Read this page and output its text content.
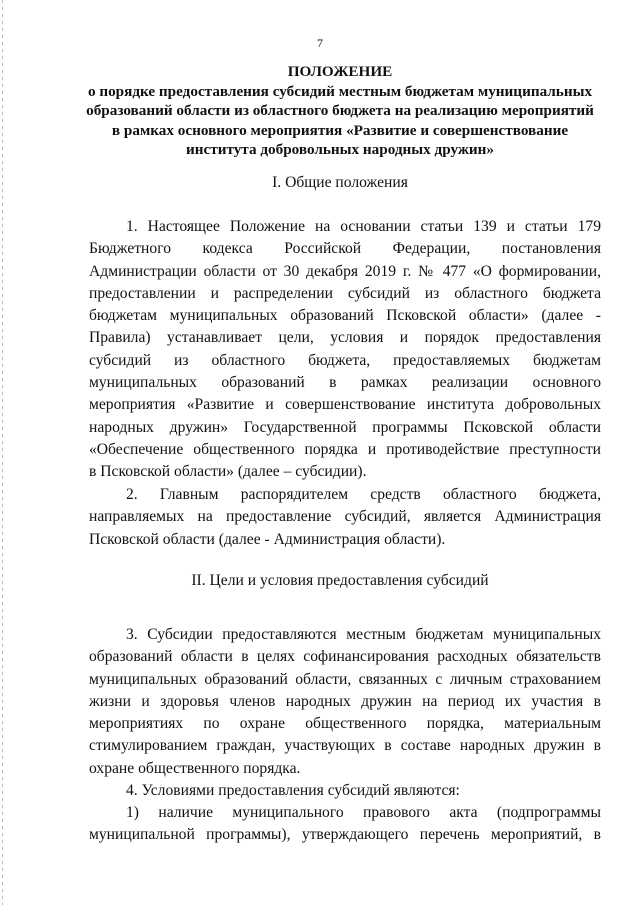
7
ПОЛОЖЕНИЕ
о порядке предоставления субсидий местным бюджетам муниципальных
образований области из областного бюджета на реализацию мероприятий
в рамках основного мероприятия «Развитие и совершенствование
института добровольных народных дружин»
I. Общие положения
1. Настоящее Положение на основании статьи 139 и статьи 179
Бюджетного кодекса Российской Федерации, постановления
Администрации области от 30 декабря 2019 г. № 477 «О формировании,
предоставлении и распределении субсидий из областного бюджета
бюджетам муниципальных образований Псковской области» (далее -
Правила) устанавливает цели, условия и порядок предоставления
субсидий из областного бюджета, предоставляемых бюджетам
муниципальных образований в рамках реализации основного
мероприятия «Развитие и совершенствование института добровольных
народных дружин» Государственной программы Псковской области
«Обеспечение общественного порядка и противодействие преступности
в Псковской области» (далее – субсидии).
2. Главным распорядителем средств областного бюджета,
направляемых на предоставление субсидий, является Администрация
Псковской области (далее - Администрация области).
II. Цели и условия предоставления субсидий
3. Субсидии предоставляются местным бюджетам муниципальных
образований области в целях софинансирования расходных обязательств
муниципальных образований области, связанных с личным страхованием
жизни и здоровья членов народных дружин на период их участия в
мероприятиях по охране общественного порядка, материальным
стимулированием граждан, участвующих в составе народных дружин в
охране общественного порядка.
4. Условиями предоставления субсидий являются:
1) наличие муниципального правового акта (подпрограммы
муниципальной программы), утверждающего перечень мероприятий, в
